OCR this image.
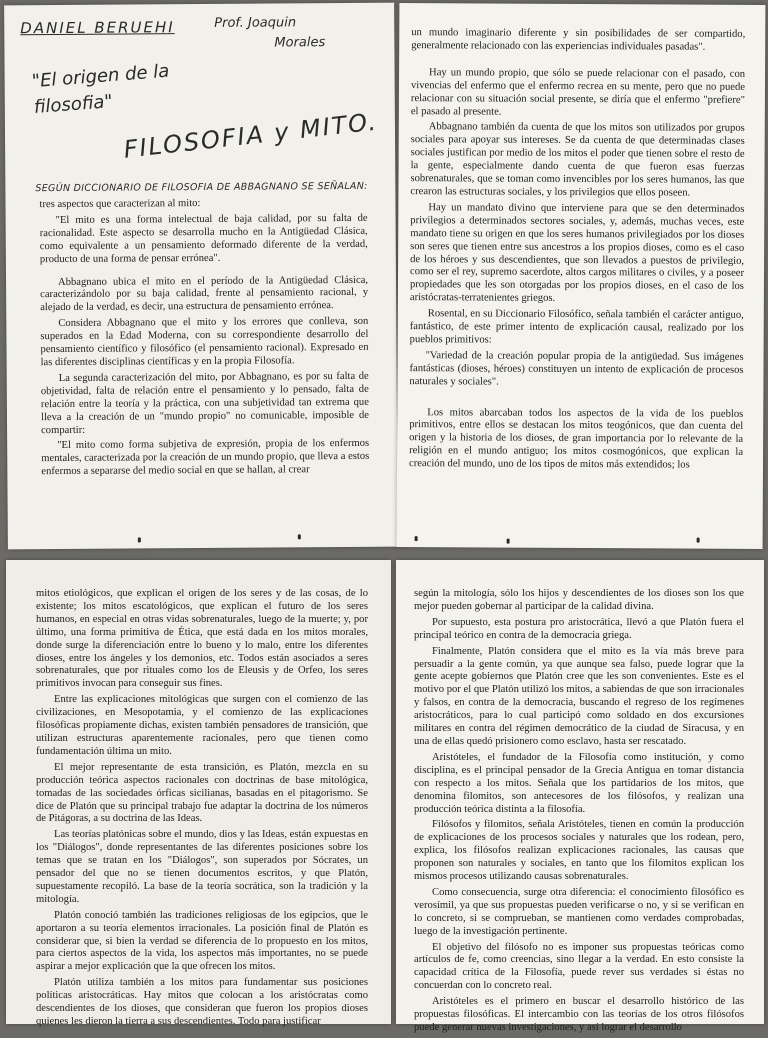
DANIEL BERUEHI	Prof. Joaquin
Morales
"El origen de la filosofia"
FILOSOFIA y MITO.
SEGÚN DICCIONARIO DE FILOSOFIA DE ABBAGNANO SE SEÑALAN:

tres aspectos que caracterizan al mito:

"El mito es una forma intelectual de baja calidad, por su falta de racionalidad. Este aspecto se desarrolla mucho en la Antigüedad Clásica, como equivalente a un pensamiento deformado diferente de la verdad, producto de una forma de pensar errónea".

Abbagnano ubica el mito en el período de la Antigüedad Clásica, caracterizándolo por su baja calidad, frente al pensamiento racional, y alejado de la verdad, es decir, una estructura de pensamiento errónea.

Considera Abbagnano que el mito y los errores que conlleva, son superados en la Edad Moderna, con su correspondiente desarrollo del pensamiento científico y filosófico (el pensamiento racional). Expresado en las diferentes disciplinas científicas y en la propia Filosofía.

La segunda caracterización del mito, por Abbagnano, es por su falta de objetividad, falta de relación entre el pensamiento y lo pensado, falta de relación entre la teoría y la práctica, con una subjetividad tan extrema que lleva a la creación de un "mundo propio" no comunicable, imposible de compartir:

"El mito como forma subjetiva de expresión, propia de los enfermos mentales, caracterizada por la creación de un mundo propio, que lleva a estos enfermos a separarse del medio social en que se hallan, al crear

un mundo imaginario diferente y sin posibilidades de ser compartido, generalmente relacionado con las experiencias individuales pasadas".

Hay un mundo propio, que sólo se puede relacionar con el pasado, con vivencias del enfermo que el enfermo recrea en su mente, pero que no puede relacionar con su situación social presente, se diría que el enfermo "prefiere" el pasado al presente.

Abbagnano también da cuenta de que los mitos son utilizados por grupos sociales para apoyar sus intereses. Se da cuenta de que determinadas clases sociales justifican por medio de los mitos el poder que tienen sobre el resto de la gente, especialmente dando cuenta de que fueron esas fuerzas sobrenaturales, que se toman como invencibles por los seres humanos, las que crearon las estructuras sociales, y los privilegios que ellos poseen.

Hay un mandato divino que interviene para que se den determinados privilegios a determinados sectores sociales, y, además, muchas veces, este mandato tiene su origen en que los seres humanos privilegiados por los dioses son seres que tienen entre sus ancestros a los propios dioses, como es el caso de los héroes y sus descendientes, que son llevados a puestos de privilegio, como ser el rey, supremo sacerdote, altos cargos militares o civiles, y a poseer propiedades que les son otorgadas por los propios dioses, en el caso de los aristócratas-terratenientes griegos.

Rosental, en su Diccionario Filosófico, señala también el carácter antiguo, fantástico, de este primer intento de explicación causal, realizado por los pueblos primitivos:

"Variedad de la creación popular propia de la antigüedad. Sus imágenes fantásticas (dioses, héroes) constituyen un intento de explicación de procesos naturales y sociales".

Los mitos abarcaban todos los aspectos de la vida de los pueblos primitivos, entre ellos se destacan los mitos teogónicos, que dan cuenta del origen y la historia de los dioses, de gran importancia por lo relevante de la religión en el mundo antiguo; los mitos cosmogónicos, que explican la creación del mundo, uno de los tipos de mitos más extendidos; los

mitos etiológicos, que explican el origen de los seres y de las cosas, de lo existente; los mitos escatológicos, que explican el futuro de los seres humanos, en especial en otras vidas sobrenaturales, luego de la muerte; y, por último, una forma primitiva de Ética, que está dada en los mitos morales, donde surge la diferenciación entre lo bueno y lo malo, entre los diferentes dioses, entre los ángeles y los demonios, etc. Todos están asociados a seres sobrenaturales, que por rituales como los de Eleusis y de Orfeo, los seres primitivos invocan para conseguir sus fines.

Entre las explicaciones mitológicas que surgen con el comienzo de las civilizaciones, en Mesopotamia, y el comienzo de las explicaciones filosóficas propiamente dichas, existen también pensadores de transición, que utilizan estructuras aparentemente racionales, pero que tienen como fundamentación última un mito.

El mejor representante de esta transición, es Platón, mezcla en su producción teórica aspectos racionales con doctrinas de base mitológica, tomadas de las sociedades órficas sicilianas, basadas en el pitagorismo. Se dice de Platón que su principal trabajo fue adaptar la doctrina de los números de Pitágoras, a su doctrina de las Ideas.

Las teorías platónicas sobre el mundo, dios y las Ideas, están expuestas en los "Diálogos", donde representantes de las diferentes posiciones sobre los temas que se tratan en los "Diálogos", son superados por Sócrates, un pensador del que no se tienen documentos escritos, y que Platón, supuestamente recopiló. La base de la teoría socrática, son la tradición y la mitología.

Platón conoció también las tradiciones religiosas de los egipcios, que le aportaron a su teoría elementos irracionales. La posición final de Platón es considerar que, si bien la verdad se diferencia de lo propuesto en los mitos, para ciertos aspectos de la vida, los aspectos más importantes, no se puede aspirar a mejor explicación que la que ofrecen los mitos.

Platón utiliza también a los mitos para fundamentar sus posiciones políticas aristocráticas. Hay mitos que colocan a los aristócratas como descendientes de los dioses, que consideran que fueron los propios dioses quienes les dieron la tierra a sus descendientes. Todo para justificar

según la mitología, sólo los hijos y descendientes de los dioses son los que mejor pueden gobernar al participar de la calidad divina.

Por supuesto, esta postura pro aristocrática, llevó a que Platón fuera el principal teórico en contra de la democracia griega.

Finalmente, Platón considera que el mito es la vía más breve para persuadir a la gente común, ya que aunque sea falso, puede lograr que la gente acepte gobiernos que Platón cree que les son convenientes. Este es el motivo por el que Platón utilizó los mitos, a sabiendas de que son irracionales y falsos, en contra de la democracia, buscando el regreso de los regímenes aristocráticos, para lo cual participó como soldado en dos excursiones militares en contra del régimen democrático de la ciudad de Siracusa, y en una de ellas quedó prisionero como esclavo, hasta ser rescatado.

Aristóteles, el fundador de la Filosofía como institución, y como disciplina, es el principal pensador de la Grecia Antigua en tomar distancia con respecto a los mitos. Señala que los partidarios de los mitos, que denomina filomitos, son antecesores de los filósofos, y realizan una producción teórica distinta a la filosofía.

Filósofos y filomitos, señala Aristóteles, tienen en común la producción de explicaciones de los procesos sociales y naturales que los rodean, pero, explica, los filósofos realizan explicaciones racionales, las causas que proponen son naturales y sociales, en tanto que los filomitos explican los mismos procesos utilizando causas sobrenaturales.

Como consecuencia, surge otra diferencia: el conocimiento filosófico es verosímil, ya que sus propuestas pueden verificarse o no, y si se verifican en lo concreto, si se comprueban, se mantienen como verdades comprobadas, luego de la investigación pertinente.

El objetivo del filósofo no es imponer sus propuestas teóricas como artículos de fe, como creencias, sino llegar a la verdad. En esto consiste la capacidad crítica de la Filosofía, puede rever sus verdades si éstas no concuerdan con lo concreto real.

Aristóteles es el primero en buscar el desarrollo histórico de las propuestas filosóficas. El intercambio con las teorías de los otros filósofos puede generar nuevas investigaciones, y así lograr el desarrollo
